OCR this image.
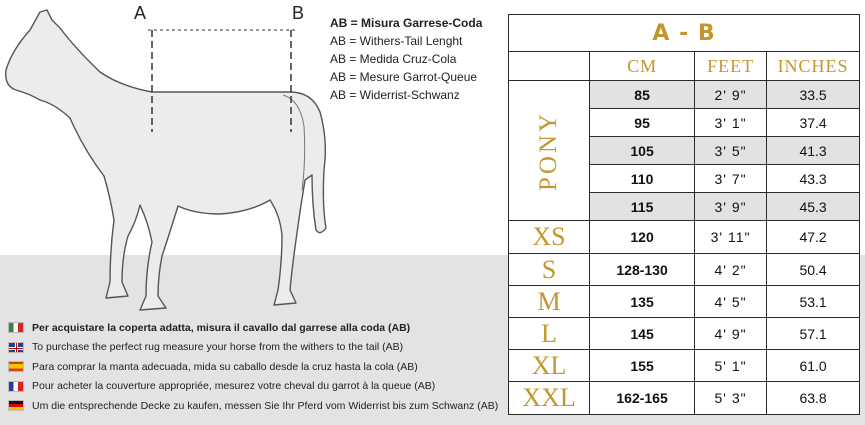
A	B AB = Misura Garrese-Coda
AB = Withers-Tail Lenght
AB = Medida Cruz-Cola
AB = Mesure Garrot-Queue
AB = Widerrist-Schwanz
A - B			
	CM	FEET	INCHES
PONY	85	2' 9"	33.5
	95	3' 1"	37.4
	105	3' 5"	41.3
	110	3' 7"	43.3
	115	3' 9"	45.3
XS	120	3' 11"	47.2
S	128-130	4' 2"	50.4
M	135	4' 5"	53.1
L	145	4' 9"	57.1
XL	155	5' 1"	61.0
XXL	162-165	5' 3"	63.8
Per acquistare la coperta adatta, misura il cavallo dal garrese alla coda (AB)
To purchase the perfect rug measure your horse from the withers to the tail (AB)
Para comprar la manta adecuada, mida su caballo desde la cruz hasta la cola (AB)
Pour acheter la couverture appropriée, mesurez votre cheval du garrot à la queue (AB)
Um die entsprechende Decke zu kaufen, messen Sie Ihr Pferd vom Widerrist bis zum Schwanz (AB)
